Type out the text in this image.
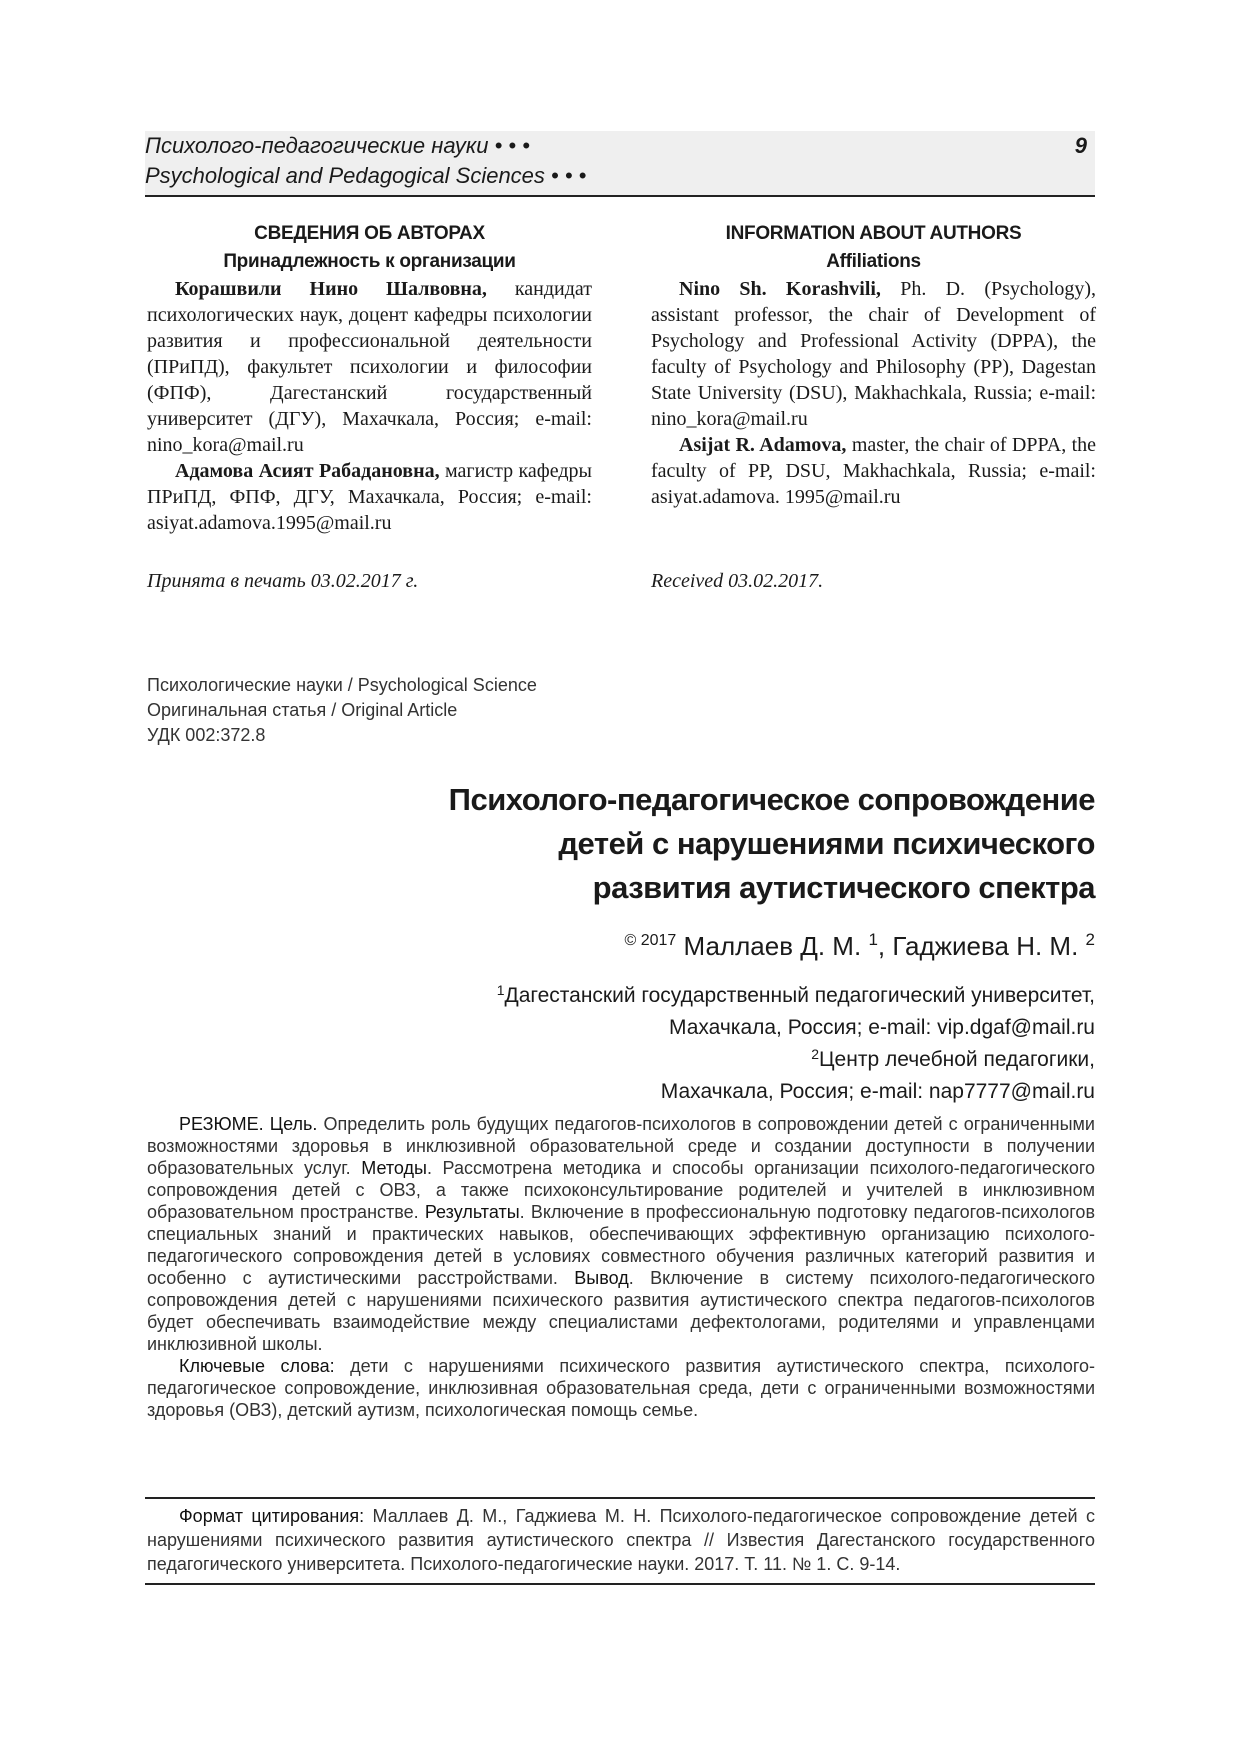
Психолого-педагогические науки • • •
Psychological and Pedagogical Sciences • • •
9
СВЕДЕНИЯ ОБ АВТОРАХ
Принадлежность к организации

Корашвили Нино Шалвовна, кандидат психологических наук, доцент кафедры психологии развития и профессиональной деятельности (ПРиПД), факультет психологии и философии (ФПФ), Дагестанский государственный университет (ДГУ), Махачкала, Россия; e-mail: nino_kora@mail.ru

Адамова Асият Рабадановна, магистр кафедры ПРиПД, ФПФ, ДГУ, Махачкала, Россия; e-mail: asiyat.adamova.1995@mail.ru

Принята в печать 03.02.2017 г.
INFORMATION ABOUT AUTHORS
Affiliations

Nino Sh. Korashvili, Ph. D. (Psychology), assistant professor, the chair of Development of Psychology and Professional Activity (DPPA), the faculty of Psychology and Philosophy (PP), Dagestan State University (DSU), Makhachkala, Russia; e-mail: nino_kora@mail.ru

Asijat R. Adamova, master, the chair of DPPA, the faculty of PP, DSU, Makhachkala, Russia; e-mail: asiyat.adamova. 1995@mail.ru

Received 03.02.2017.
Психологические науки / Psychological Science
Оригинальная статья / Original Article
УДК 002:372.8
Психолого-педагогическое сопровождение
детей с нарушениями психического
развития аутистического спектра
$^{© 2017}$ Маллаев Д. М. $^1$, Гаджиева Н. М. $^2$
$^1$Дагестанский государственный педагогический университет,
Махачкала, Россия; e-mail: vip.dgaf@mail.ru
$^2$Центр лечебной педагогики,
Махачкала, Россия; e-mail: nap7777@mail.ru

РЕЗЮМЕ. Цель. Определить роль будущих педагогов-психологов в сопровождении детей с ограниченными возможностями здоровья в инклюзивной образовательной среде и создании доступности в получении образовательных услуг. Методы. Рассмотрена методика и способы организации психолого-педагогического сопровождения детей с ОВЗ, а также психоконсультирование родителей и учителей в инклюзивном образовательном пространстве. Результаты. Включение в профессиональную подготовку педагогов-психологов специальных знаний и практических навыков, обеспечивающих эффективную организацию психолого-педагогического сопровождения детей в условиях совместного обучения различных категорий развития и особенно с аутистическими расстройствами. Вывод. Включение в систему психолого-педагогического сопровождения детей с нарушениями психического развития аутистического спектра педагогов-психологов будет обеспечивать взаимодействие между специалистами дефектологами, родителями и управленцами инклюзивной школы.

Ключевые слова: дети с нарушениями психического развития аутистического спектра, психолого-педагогическое сопровождение, инклюзивная образовательная среда, дети с ограниченными возможностями здоровья (ОВЗ), детский аутизм, психологическая помощь семье.

Формат цитирования: Маллаев Д. М., Гаджиева М. Н. Психолого-педагогическое сопровождение детей с нарушениями психического развития аутистического спектра // Известия Дагестанского государственного педагогического университета. Психолого-педагогические науки. 2017. Т. 11. № 1. С. 9-14.
